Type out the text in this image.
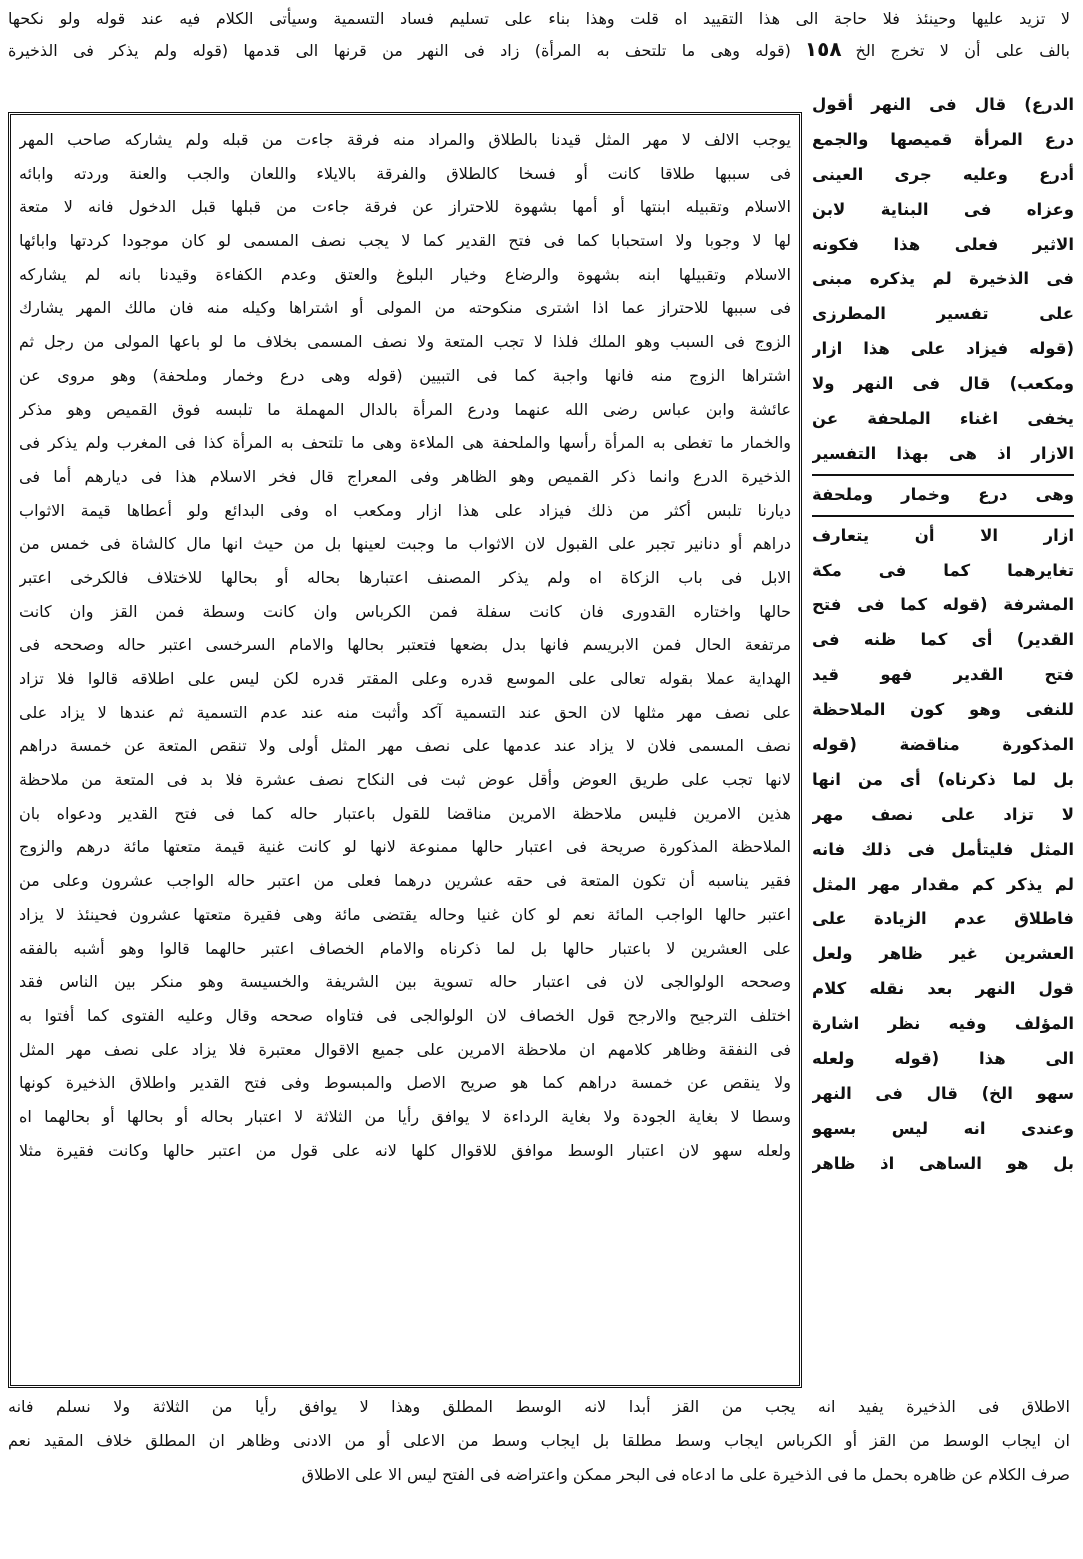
لا تزيد عليها وحينئذ فلا حاجة الى هذا التقييد اه قلت وهذا بناء على تسليم فساد التسمية وسيأتى الكلام فيه عند قوله ولو نكحها
بالف على أن لا تخرج الخ١٥٨(قوله وهى ما تلتحف به المرأة) زاد فى النهر من قرنها الى قدمها (قوله ولم يذكر فى الذخيرة
يوجب الالف لا مهر المثل قيدنا بالطلاق والمراد منه فرقة جاءت من قبله ولم يشاركه صاحب المهر
فى سببها طلاقا كانت أو فسخا كالطلاق والفرقة بالايلاء واللعان والجب والعنة وردته وابائه
الاسلام وتقبيله ابنتها أو أمها بشهوة للاحتراز عن فرقة جاءت من قبلها قبل الدخول فانه لا متعة
لها لا وجوبا ولا استحبابا كما فى فتح القدير كما لا يجب نصف المسمى لو كان موجودا كردتها وابائها
الاسلام وتقبيلها ابنه بشهوة والرضاع وخيار البلوغ والعتق وعدم الكفاءة وقيدنا بانه لم يشاركه
فى سببها للاحتراز عما اذا اشترى منكوحته من المولى أو اشتراها وكيله منه فان مالك المهر يشارك
الزوج فى السبب وهو الملك فلذا لا تجب المتعة ولا نصف المسمى بخلاف ما لو باعها المولى من رجل ثم
اشتراها الزوج منه فانها واجبة كما فى التبيين (قوله وهى درع وخمار وملحفة) وهو مروى عن
عائشة وابن عباس رضى الله عنهما ودرع المرأة بالدال المهملة ما تلبسه فوق القميص وهو مذكر
والخمار ما تغطى به المرأة رأسها والملحفة هى الملاءة وهى ما تلتحف به المرأة كذا فى المغرب ولم يذكر فى
الذخيرة الدرع وانما ذكر القميص وهو الظاهر وفى المعراج قال فخر الاسلام هذا فى ديارهم أما فى
ديارنا تلبس أكثر من ذلك فيزاد على هذا ازار ومكعب اه وفى البدائع ولو أعطاها قيمة الاثواب
دراهم أو دنانير تجبر على القبول لان الاثواب ما وجبت لعينها بل من حيث انها مال كالشاة فى خمس من
الابل فى باب الزكاة اه ولم يذكر المصنف اعتبارها بحاله أو بحالها للاختلاف فالكرخى اعتبر
حالها واختاره القدورى فان كانت سفلة فمن الكرباس وان كانت وسطة فمن القز وان كانت
مرتفعة الحال فمن الابريسم فانها بدل بضعها فتعتبر بحالها والامام السرخسى اعتبر حاله وصححه فى
الهداية عملا بقوله تعالى على الموسع قدره وعلى المقتر قدره لكن ليس على اطلاقه قالوا فلا تزاد
على نصف مهر مثلها لان الحق عند التسمية آكد وأثبت منه عند عدم التسمية ثم عندها لا يزاد على
نصف المسمى فلان لا يزاد عند عدمها على نصف مهر المثل أولى ولا تنقص المتعة عن خمسة دراهم
لانها تجب على طريق العوض وأقل عوض ثبت فى النكاح نصف عشرة فلا بد فى المتعة من ملاحظة
هذين الامرين فليس ملاحظة الامرين مناقضا للقول باعتبار حاله كما فى فتح القدير ودعواه بان
الملاحظة المذكورة صريحة فى اعتبار حالها ممنوعة لانها لو كانت غنية قيمة متعتها مائة درهم والزوج
فقير يناسبه أن تكون المتعة فى حقه عشرين درهما فعلى من اعتبر حاله الواجب عشرون وعلى من
اعتبر حالها الواجب المائة نعم لو كان غنيا وحاله يقتضى مائة وهى فقيرة متعتها عشرون فحينئذ لا يزاد
على العشرين لا باعتبار حالها بل لما ذكرناه والامام الخصاف اعتبر حالهما قالوا وهو أشبه بالفقه
وصححه الولوالجى لان فى اعتبار حاله تسوية بين الشريفة والخسيسة وهو منكر بين الناس فقد
اختلف الترجيح والارجح قول الخصاف لان الولوالجى فى فتاواه صححه وقال وعليه الفتوى كما أفتوا به
فى النفقة وظاهر كلامهم ان ملاحظة الامرين على جميع الاقوال معتبرة فلا يزاد على نصف مهر المثل
ولا ينقص عن خمسة دراهم كما هو صريح الاصل والمبسوط وفى فتح القدير واطلاق الذخيرة كونها
وسطا لا بغاية الجودة ولا بغاية الرداءة لا يوافق رأيا من الثلاثة لا اعتبار بحاله أو بحالها أو بحالهما اه
ولعله سهو لان اعتبار الوسط موافق للاقوال كلها لانه على قول من اعتبر حالها وكانت فقيرة مثلا
الدرع) قال فى النهر أقول
درع المرأة قميصها والجمع
أدرع وعليه جرى العينى
وعزاه فى البناية لابن
الاثير فعلى هذا فكونه
فى الذخيرة لم يذكره مبنى
على تفسير المطرزى
(قوله فيزاد على هذا ازار
ومكعب) قال فى النهر ولا
يخفى اغناء الملحفة عن
الازار اذ هى بهذا التفسير
وهى درع وخمار وملحفة
ازار الا أن يتعارف
تغايرهما كما فى مكة
المشرفة (قوله كما فى فتح
القدير) أى كما ظنه فى
فتح القدير فهو قيد
للنفى وهو كون الملاحظة
المذكورة مناقضة (قوله
بل لما ذكرناه) أى من انها
لا تزاد على نصف مهر
المثل فليتأمل فى ذلك فانه
لم يذكر كم مقدار مهر المثل
فاطلاق عدم الزيادة على
العشرين غير ظاهر ولعل
قول النهر بعد نقله كلام
المؤلف وفيه نظر اشارة
الى هذا (قوله ولعله
سهو الخ) قال فى النهر
وعندى انه ليس بسهو
بل هو الساهى اذ ظاهر
الاطلاق فى الذخيرة يفيد انه يجب من القز أبدا لانه الوسط المطلق وهذا لا يوافق رأيا من الثلاثة ولا نسلم فانه
ان ايجاب الوسط من القز أو الكرباس ايجاب وسط مطلقا بل ايجاب وسط من الاعلى أو من الادنى وظاهر ان المطلق خلاف المقيد نعم
صرف الكلام عن ظاهره بحمل ما فى الذخيرة على ما ادعاه فى البحر ممكن واعتراضه فى الفتح ليس الا على الاطلاق
